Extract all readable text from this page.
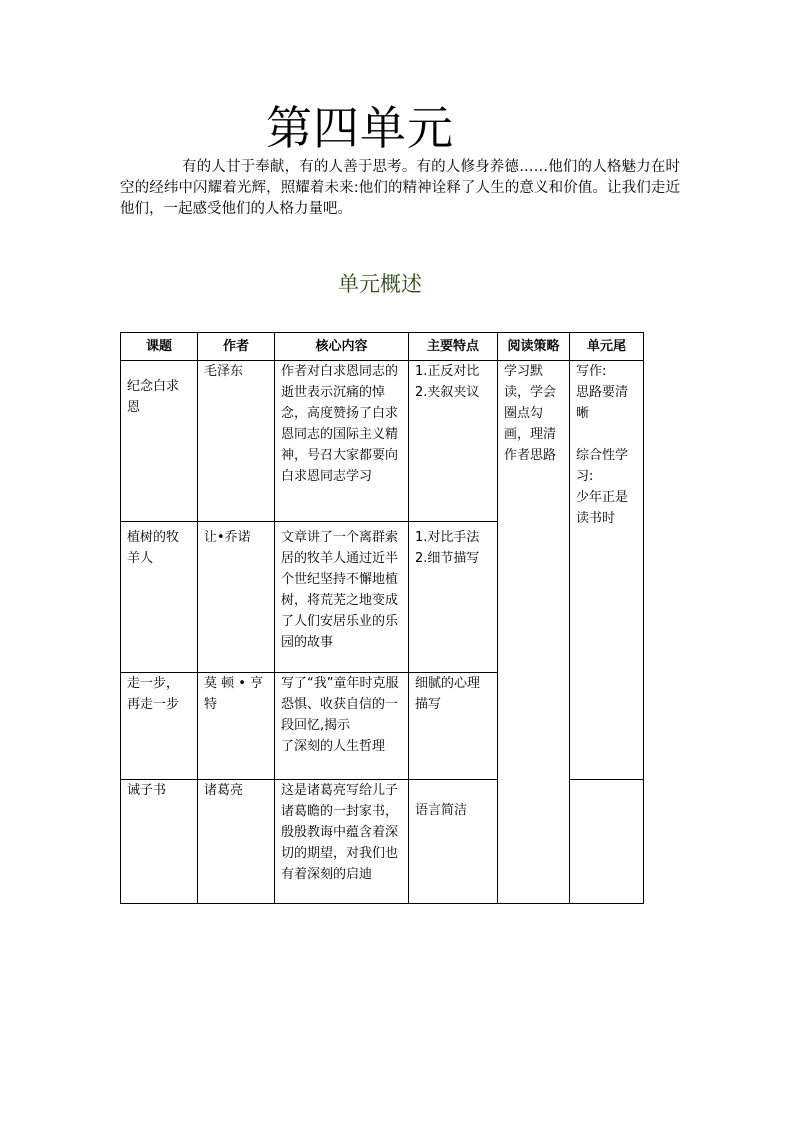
第四单元

有的人甘于奉献，有的人善于思考。有的人修身养德……他们的人格魅力在时空的经纬中闪耀着光辉，照耀着未来:他们的精神诠释了人生的意义和价值。让我们走近他们，一起感受他们的人格力量吧。

单元概述
课题	作者	核心内容	主要特点	阅读策略	单元尾

纪念白求恩	毛泽东	作者对白求恩同志的逝世表示沉痛的悼念，高度赞扬了白求恩同志的国际主义精神，号召大家都要向白求恩同志学习	1.正反对比
2.夹叙夹议	学习默读，学会圈点勾画，理清作者思路	写作:
思路要清晰

综合性学习:
少年正是读书时

植树的牧羊人	让•乔诺	文章讲了一个离群索居的牧羊人通过近半个世纪坚持不懈地植树，将荒芜之地变成了人们安居乐业的乐园的故事	1.对比手法
2.细节描写		

走一步，再走一步	莫 顿 • 亨特	写了“我”童年时克服恐惧、收获自信的一段回忆,揭示
了深刻的人生哲理	细腻的心理描写		

诫子书	诸葛亮	这是诸葛亮写给儿子诸葛瞻的一封家书，殷殷教诲中蕴含着深切的期望，对我们也有着深刻的启迪	语言简洁		
